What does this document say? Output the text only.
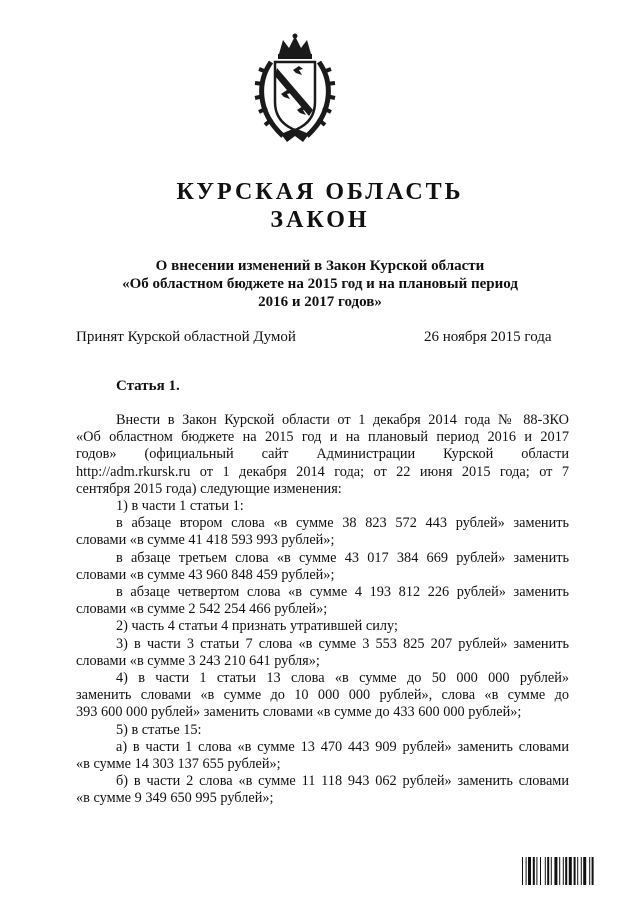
КУРСКАЯ ОБЛАСТЬ
ЗАКОН
О внесении изменений в Закон Курской области
«Об областном бюджете на 2015 год и на плановый период
2016 и 2017 годов»
Принят Курской областной Думой	26 ноября 2015 года
Статья 1.

Внести в Закон Курской области от 1 декабря 2014 года № 88-ЗКО

«Об областном бюджете на 2015 год и на плановый период 2016 и 2017

годов» (официальный сайт Администрации Курской области

http://adm.rkursk.ru от 1 декабря 2014 года; от 22 июня 2015 года; от 7

сентября 2015 года) следующие изменения:

1) в части 1 статьи 1:

в абзаце втором слова «в сумме 38 823 572 443 рублей» заменить

словами «в сумме 41 418 593 993 рублей»;

в абзаце третьем слова «в сумме 43 017 384 669 рублей» заменить

словами «в сумме 43 960 848 459 рублей»;

в абзаце четвертом слова «в сумме 4 193 812 226 рублей» заменить

словами «в сумме 2 542 254 466 рублей»;

2) часть 4 статьи 4 признать утратившей силу;

3) в части 3 статьи 7 слова «в сумме 3 553 825 207 рублей» заменить

словами «в сумме 3 243 210 641 рубля»;

4) в части 1 статьи 13 слова «в сумме до 50 000 000 рублей»

заменить словами «в сумме до 10 000 000 рублей», слова «в сумме до

393 600 000 рублей» заменить словами «в сумме до 433 600 000 рублей»;

5) в статье 15:

а) в части 1 слова «в сумме 13 470 443 909 рублей» заменить словами

«в сумме 14 303 137 655 рублей»;

б) в части 2 слова «в сумме 11 118 943 062 рублей» заменить словами

«в сумме 9 349 650 995 рублей»;
